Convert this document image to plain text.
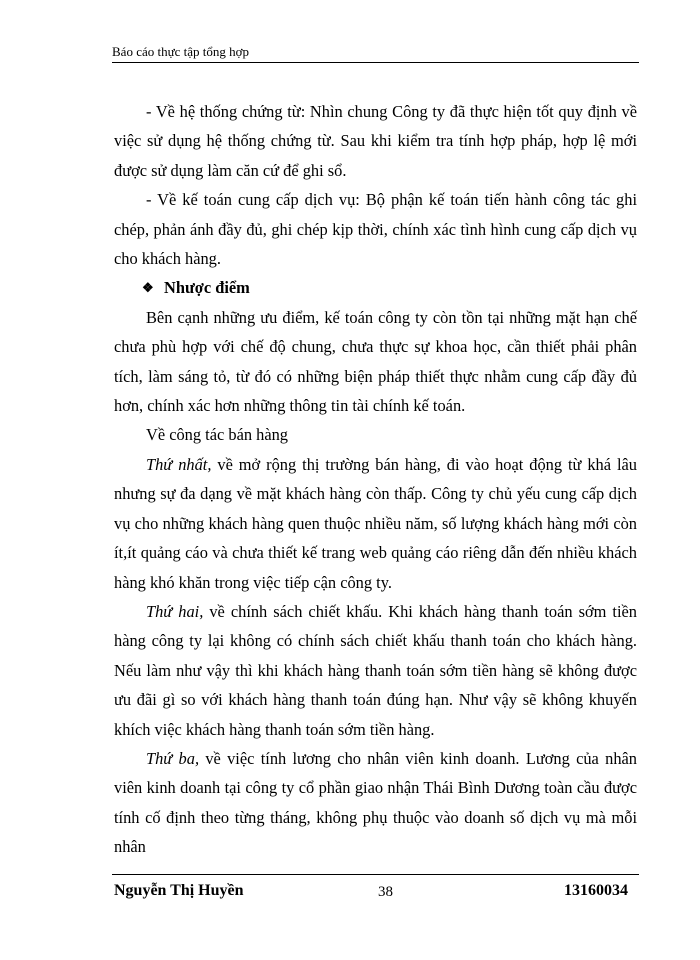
Báo cáo thực tập tổng hợp

- Về hệ thống chứng từ: Nhìn chung Công ty đã thực hiện tốt quy định về việc sử dụng hệ thống chứng từ. Sau khi kiểm tra tính hợp pháp, hợp lệ mới được sử dụng làm căn cứ để ghi sổ.

- Về kế toán cung cấp dịch vụ: Bộ phận kế toán tiến hành công tác ghi chép, phản ánh đầy đủ, ghi chép kịp thời, chính xác tình hình cung cấp dịch vụ cho khách hàng.

❖ Nhược điểm

Bên cạnh những ưu điểm, kế toán công ty còn tồn tại những mặt hạn chế chưa phù hợp với chế độ chung, chưa thực sự khoa học, cần thiết phải phân tích, làm sáng tỏ, từ đó có những biện pháp thiết thực nhằm cung cấp đầy đủ hơn, chính xác hơn những thông tin tài chính kế toán.

Về công tác bán hàng

Thứ nhất, về mở rộng thị trường bán hàng, đi vào hoạt động từ khá lâu nhưng sự đa dạng về mặt khách hàng còn thấp. Công ty chủ yếu cung cấp dịch vụ cho những khách hàng quen thuộc nhiều năm, số lượng khách hàng mới còn ít,ít quảng cáo và chưa thiết kế trang web quảng cáo riêng dẫn đến nhiều khách hàng khó khăn trong việc tiếp cận công ty.

Thứ hai, về chính sách chiết khấu. Khi khách hàng thanh toán sớm tiền hàng công ty lại không có chính sách chiết khấu thanh toán cho khách hàng. Nếu làm như vậy thì khi khách hàng thanh toán sớm tiền hàng sẽ không được ưu đãi gì so với khách hàng thanh toán đúng hạn. Như vậy sẽ không khuyến khích việc khách hàng thanh toán sớm tiền hàng.

Thứ ba, về việc tính lương cho nhân viên kinh doanh. Lương của nhân viên kinh doanh tại công ty cổ phần giao nhận Thái Bình Dương toàn cầu được tính cố định theo từng tháng, không phụ thuộc vào doanh số dịch vụ mà mỗi nhân

Nguyễn Thị Huyền	38	13160034
